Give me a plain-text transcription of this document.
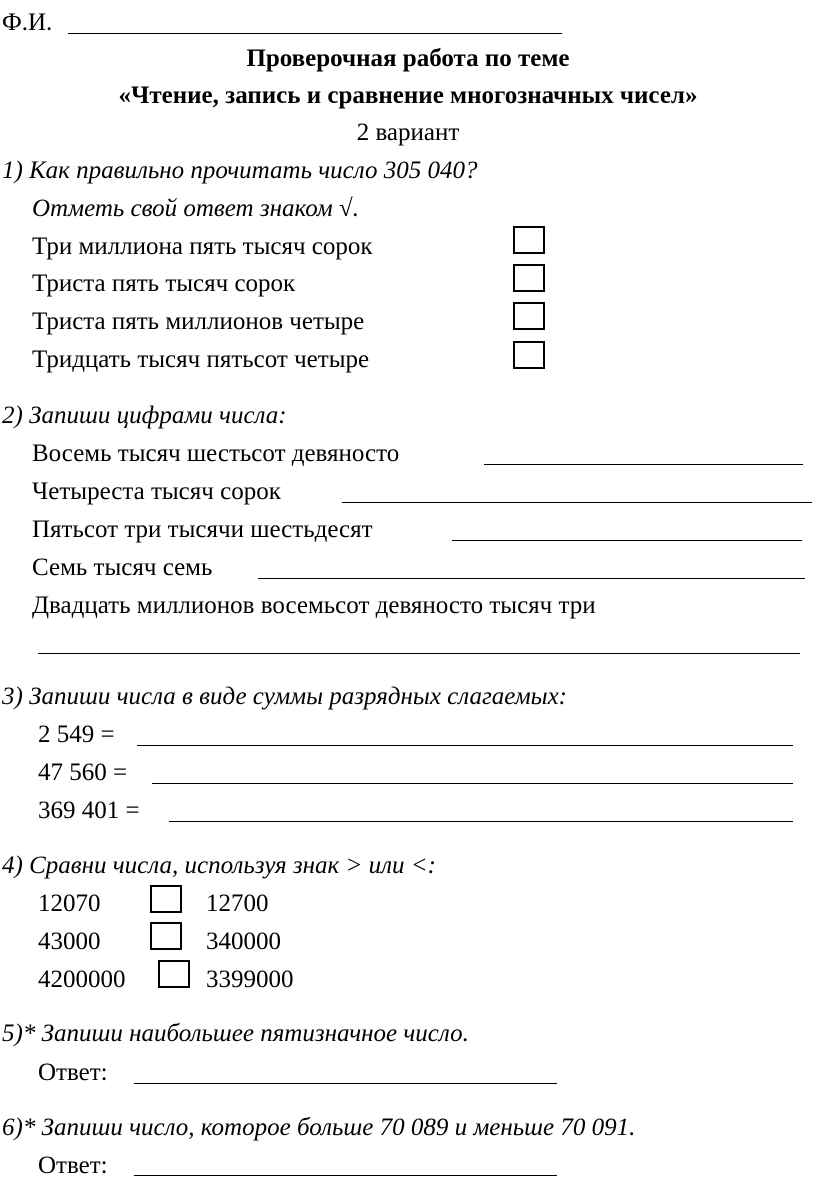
Ф.И.
Проверочная работа по теме
«Чтение, запись и сравнение многозначных чисел»
2 вариант
1) Как правильно прочитать число 305 040?
Отметь свой ответ знаком √.
Три миллиона пять тысяч сорок
Триста пять тысяч сорок
Триста пять миллионов четыре
Тридцать тысяч пятьсот четыре
2) Запиши цифрами числа:
Восемь тысяч шестьсот девяносто
Четыреста тысяч сорок
Пятьсот три тысячи шестьдесят
Семь тысяч семь
Двадцать миллионов восемьсот девяносто тысяч три
3) Запиши числа в виде суммы разрядных слагаемых:
2 549 =
47 560 =
369 401 =
4) Сравни числа, используя знак > или <:
12070	12700
43000	340000
4200000	3399000
5)* Запиши наибольшее пятизначное число.
Ответ:
6)* Запиши число, которое больше 70 089 и меньше 70 091.
Ответ:
